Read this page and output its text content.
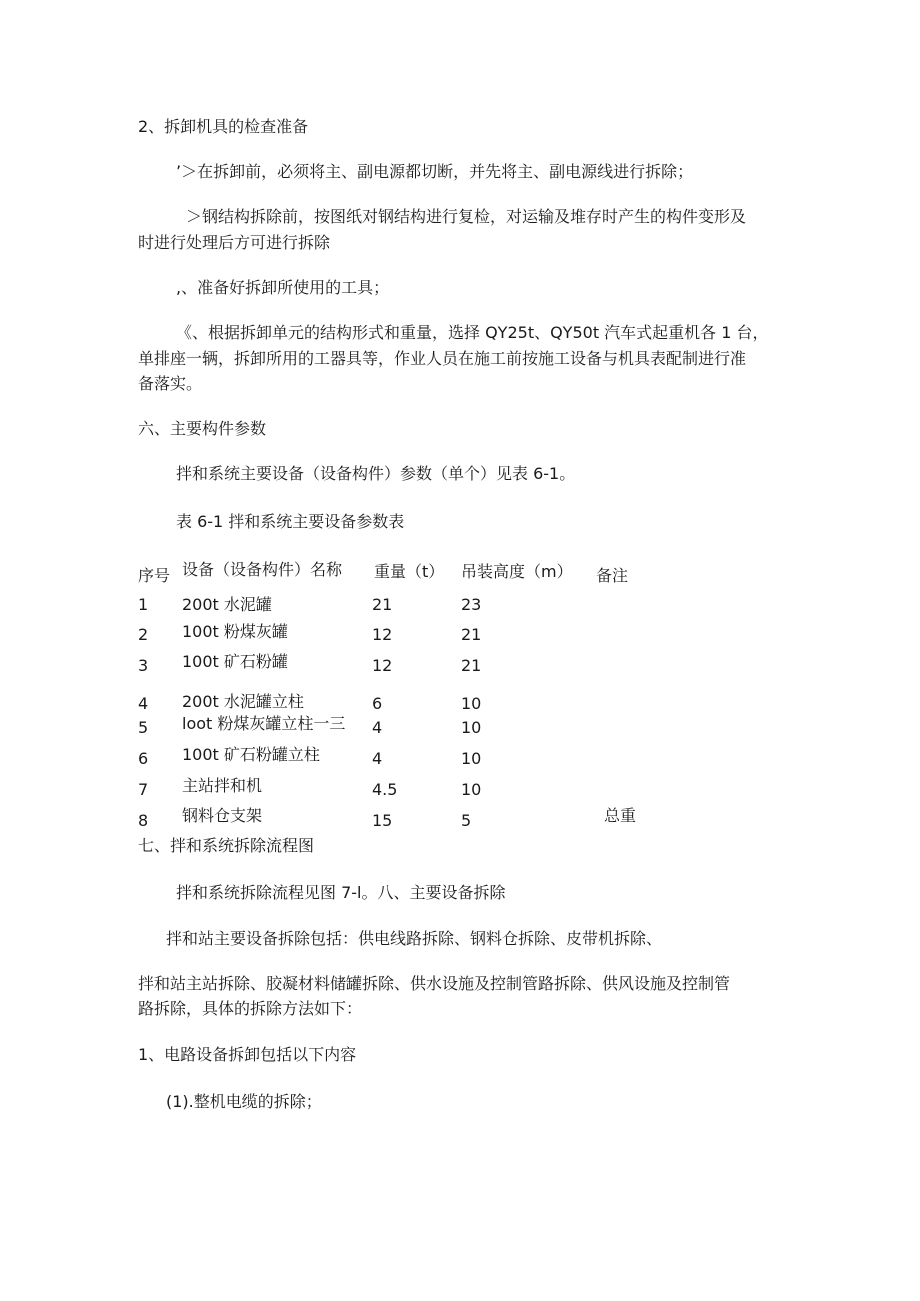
2、拆卸机具的检查准备
’＞在拆卸前，必须将主、副电源都切断，并先将主、副电源线进行拆除；
＞钢结构拆除前，按图纸对钢结构进行复检，对运输及堆存时产生的构件变形及
时进行处理后方可进行拆除
,、准备好拆卸所使用的工具；
《、根据拆卸单元的结构形式和重量，选择 QY25t、QY50t 汽车式起重机各 1 台，
单排座一辆，拆卸所用的工器具等，作业人员在施工前按施工设备与机具表配制进行准
备落实。
六、主要构件参数
拌和系统主要设备（设备构件）参数（单个）见表 6-1。
表 6-1 拌和系统主要设备参数表
序号 设备（设备构件）名称 重量（t） 吊装高度（m） 备注
1 200t 水泥罐	21	23
2 100t 粉煤灰罐	12	21
3 100t 矿石粉罐	12	21
4 200t 水泥罐立柱	6	10
5 loot 粉煤灰罐立柱一三 4	10
6 100t 矿石粉罐立柱	4	10
7 主站拌和机	4.5	10
8 钢料仓支架	15	5	总重
七、拌和系统拆除流程图
拌和系统拆除流程见图 7-l。八、主要设备拆除
拌和站主要设备拆除包括：供电线路拆除、钢料仓拆除、皮带机拆除、
拌和站主站拆除、胶凝材料储罐拆除、供水设施及控制管路拆除、供风设施及控制管
路拆除，具体的拆除方法如下：
1、电路设备拆卸包括以下内容
(1).整机电缆的拆除；
